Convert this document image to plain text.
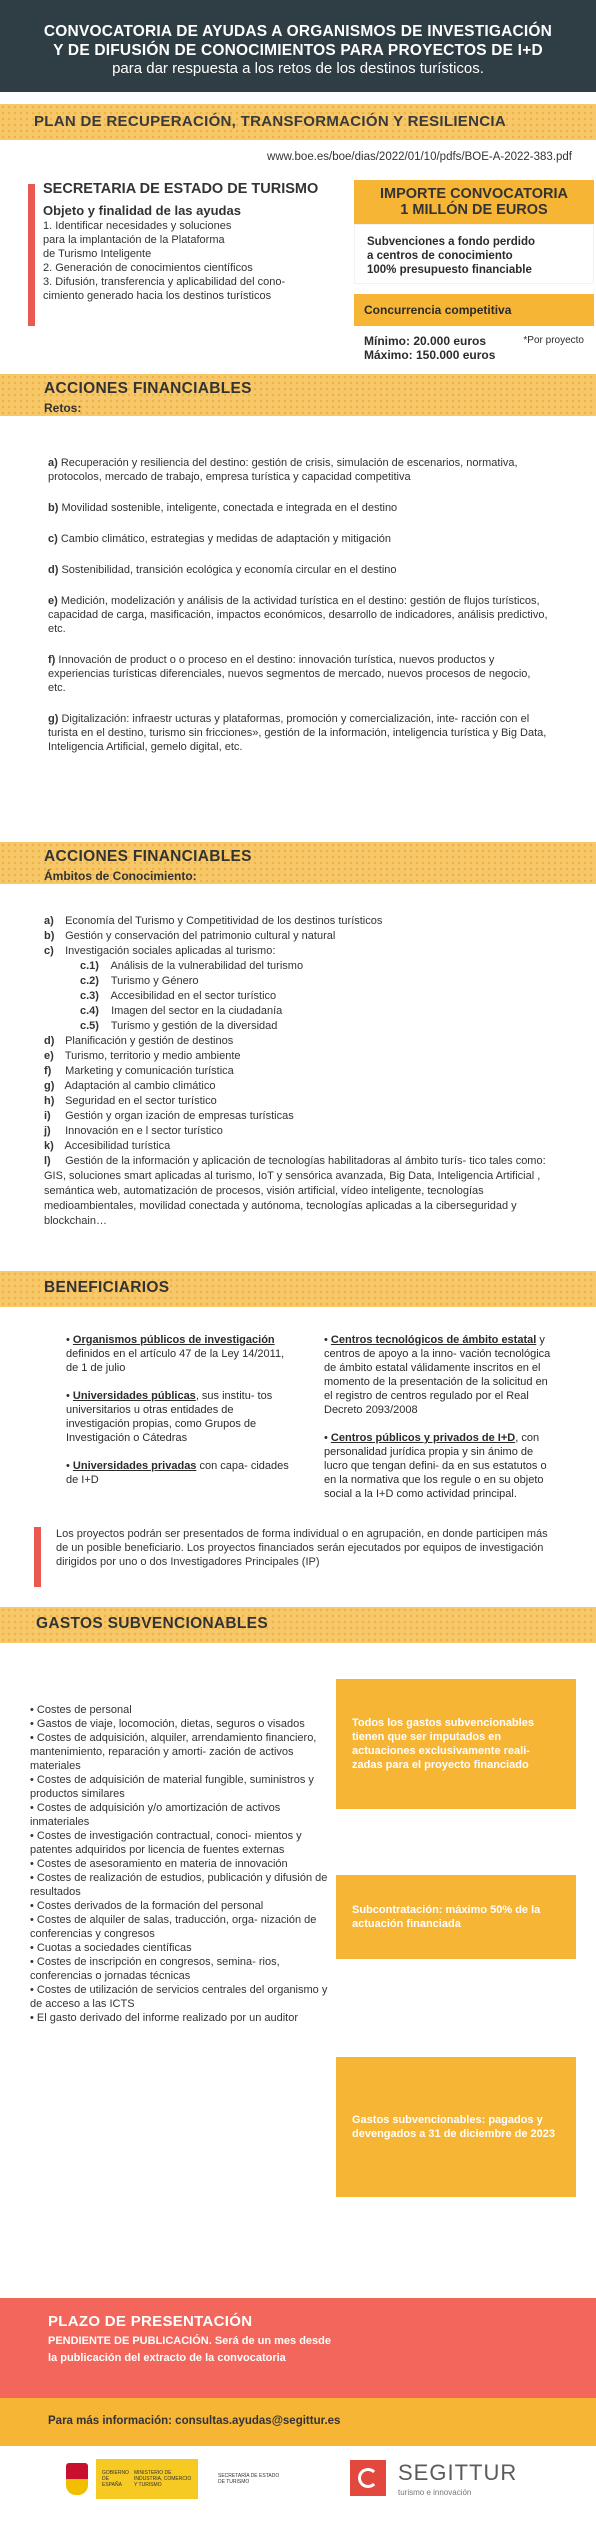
CONVOCATORIA DE AYUDAS A ORGANISMOS DE INVESTIGACIÓN
Y DE DIFUSIÓN DE CONOCIMIENTOS PARA PROYECTOS DE I+D
para dar respuesta a los retos de los destinos turísticos.
PLAN DE RECUPERACIÓN, TRANSFORMACIÓN Y RESILIENCIA
www.boe.es/boe/dias/2022/01/10/pdfs/BOE-A-2022-383.pdf
SECRETARIA DE ESTADO DE TURISMO
Objeto y finalidad de las ayudas
1. Identificar necesidades y soluciones
para la implantación de la Plataforma
de Turismo Inteligente
2. Generación de conocimientos científicos
3. Difusión, transferencia y aplicabilidad del cono-
cimiento generado hacia los destinos turísticos
IMPORTE CONVOCATORIA
1 MILLÓN DE EUROS
Subvenciones a fondo perdido
a centros de conocimiento
100% presupuesto financiable
Concurrencia competitiva
Mínimo: 20.000 euros
Máximo: 150.000 euros
*Por proyecto
ACCIONES FINANCIABLES
Retos:

a) Recuperación y resiliencia del destino: gestión de crisis, simulación de escenarios, normativa, protocolos, mercado de trabajo, empresa turística y capacidad competitiva

b) Movilidad sostenible, inteligente, conectada e integrada en el destino

c) Cambio climático, estrategias y medidas de adaptación y mitigación

d) Sostenibilidad, transición ecológica y economía circular en el destino

e) Medición, modelización y análisis de la actividad turística en el destino: gestión de flujos turísticos, capacidad de carga, masificación, impactos económicos, desarrollo de indicadores, análisis predictivo, etc.

f) Innovación de product o o proceso en el destino: innovación turística, nuevos productos y experiencias turísticas diferenciales, nuevos segmentos de mercado, nuevos procesos de negocio, etc.

g) Digitalización: infraestr ucturas y plataformas, promoción y comercialización, inte- racción con el turista en el destino, turismo sin fricciones», gestión de la información, inteligencia turística y Big Data, Inteligencia Artificial, gemelo digital, etc.

ACCIONES FINANCIABLES
Ámbitos de Conocimiento:
a) Economía del Turismo y Competitividad de los destinos turísticos
b) Gestión y conservación del patrimonio cultural y natural
c) Investigación sociales aplicadas al turismo:
c.1) Análisis de la vulnerabilidad del turismo
c.2) Turismo y Género
c.3) Accesibilidad en el sector turístico
c.4) Imagen del sector en la ciudadanía
c.5) Turismo y gestión de la diversidad
d) Planificación y gestión de destinos
e) Turismo, territorio y medio ambiente
f) Marketing y comunicación turística
g) Adaptación al cambio climático
h) Seguridad en el sector turístico
i) Gestión y organ ización de empresas turísticas
j) Innovación en e l sector turístico
k) Accesibilidad turística
l) Gestión de la información y aplicación de tecnologías habilitadoras al ámbito turís- tico tales como: GIS, soluciones smart aplicadas al turismo, IoT y sensórica avanzada, Big Data, Inteligencia Artificial , semántica web, automatización de procesos, visión artificial, vídeo inteligente, tecnologías medioambientales, movilidad conectada y autónoma, tecnologías aplicadas a la ciberseguridad y blockchain…
BENEFICIARIOS
• Organismos públicos de investigación definidos en el artículo 47 de la Ley 14/2011, de 1 de julio
• Universidades públicas, sus institu- tos universitarios u otras entidades de investigación propias, como Grupos de Investigación o Cátedras
• Universidades privadas con capa- cidades de I+D
• Centros tecnológicos de ámbito estatal y centros de apoyo a la inno- vación tecnológica de ámbito estatal válidamente inscritos en el momento de la presentación de la solicitud en el registro de centros regulado por el Real Decreto 2093/2008
• Centros públicos y privados de I+D, con personalidad jurídica propia y sin ánimo de lucro que tengan defini- da en sus estatutos o en la normativa que los regule o en su objeto social a la I+D como actividad principal.

Los proyectos podrán ser presentados de forma individual o en agrupación, en donde participen más de un posible beneficiario. Los proyectos financiados serán ejecutados por equipos de investigación dirigidos por uno o dos Investigadores Principales (IP)

GASTOS SUBVENCIONABLES
• Costes de personal
• Gastos de viaje, locomoción, dietas, seguros o visados
• Costes de adquisición, alquiler, arrendamiento financiero, mantenimiento, reparación y amorti- zación de activos materiales
• Costes de adquisición de material fungible, suministros y productos similares
• Costes de adquisición y/o amortización de activos inmateriales
• Costes de investigación contractual, conoci- mientos y patentes adquiridos por licencia de fuentes externas
• Costes de asesoramiento en materia de innovación
• Costes de realización de estudios, publicación y difusión de resultados
• Costes derivados de la formación del personal
• Costes de alquiler de salas, traducción, orga- nización de conferencias y congresos
• Cuotas a sociedades científicas
• Costes de inscripción en congresos, semina- rios, conferencias o jornadas técnicas
• Costes de utilización de servicios centrales del organismo y de acceso a las ICTS
• El gasto derivado del informe realizado por un auditor
Todos los gastos subvencionables tienen que ser imputados en actuaciones exclusivamente reali- zadas para el proyecto financiado
Subcontratación: máximo 50% de la actuación financiada
Gastos subvencionables: pagados y devengados a 31 de diciembre de 2023
PLAZO DE PRESENTACIÓN
PENDIENTE DE PUBLICACIÓN. Será de un mes desde
la publicación del extracto de la convocatoria
Para más información: consultas.ayudas@segittur.es
GOBIERNO DE ESPAÑA
MINISTERIO DE INDUSTRIA, COMERCIO Y TURISMO
SECRETARÍA DE ESTADO DE TURISMO	SEGITTUR
turismo e innovación
